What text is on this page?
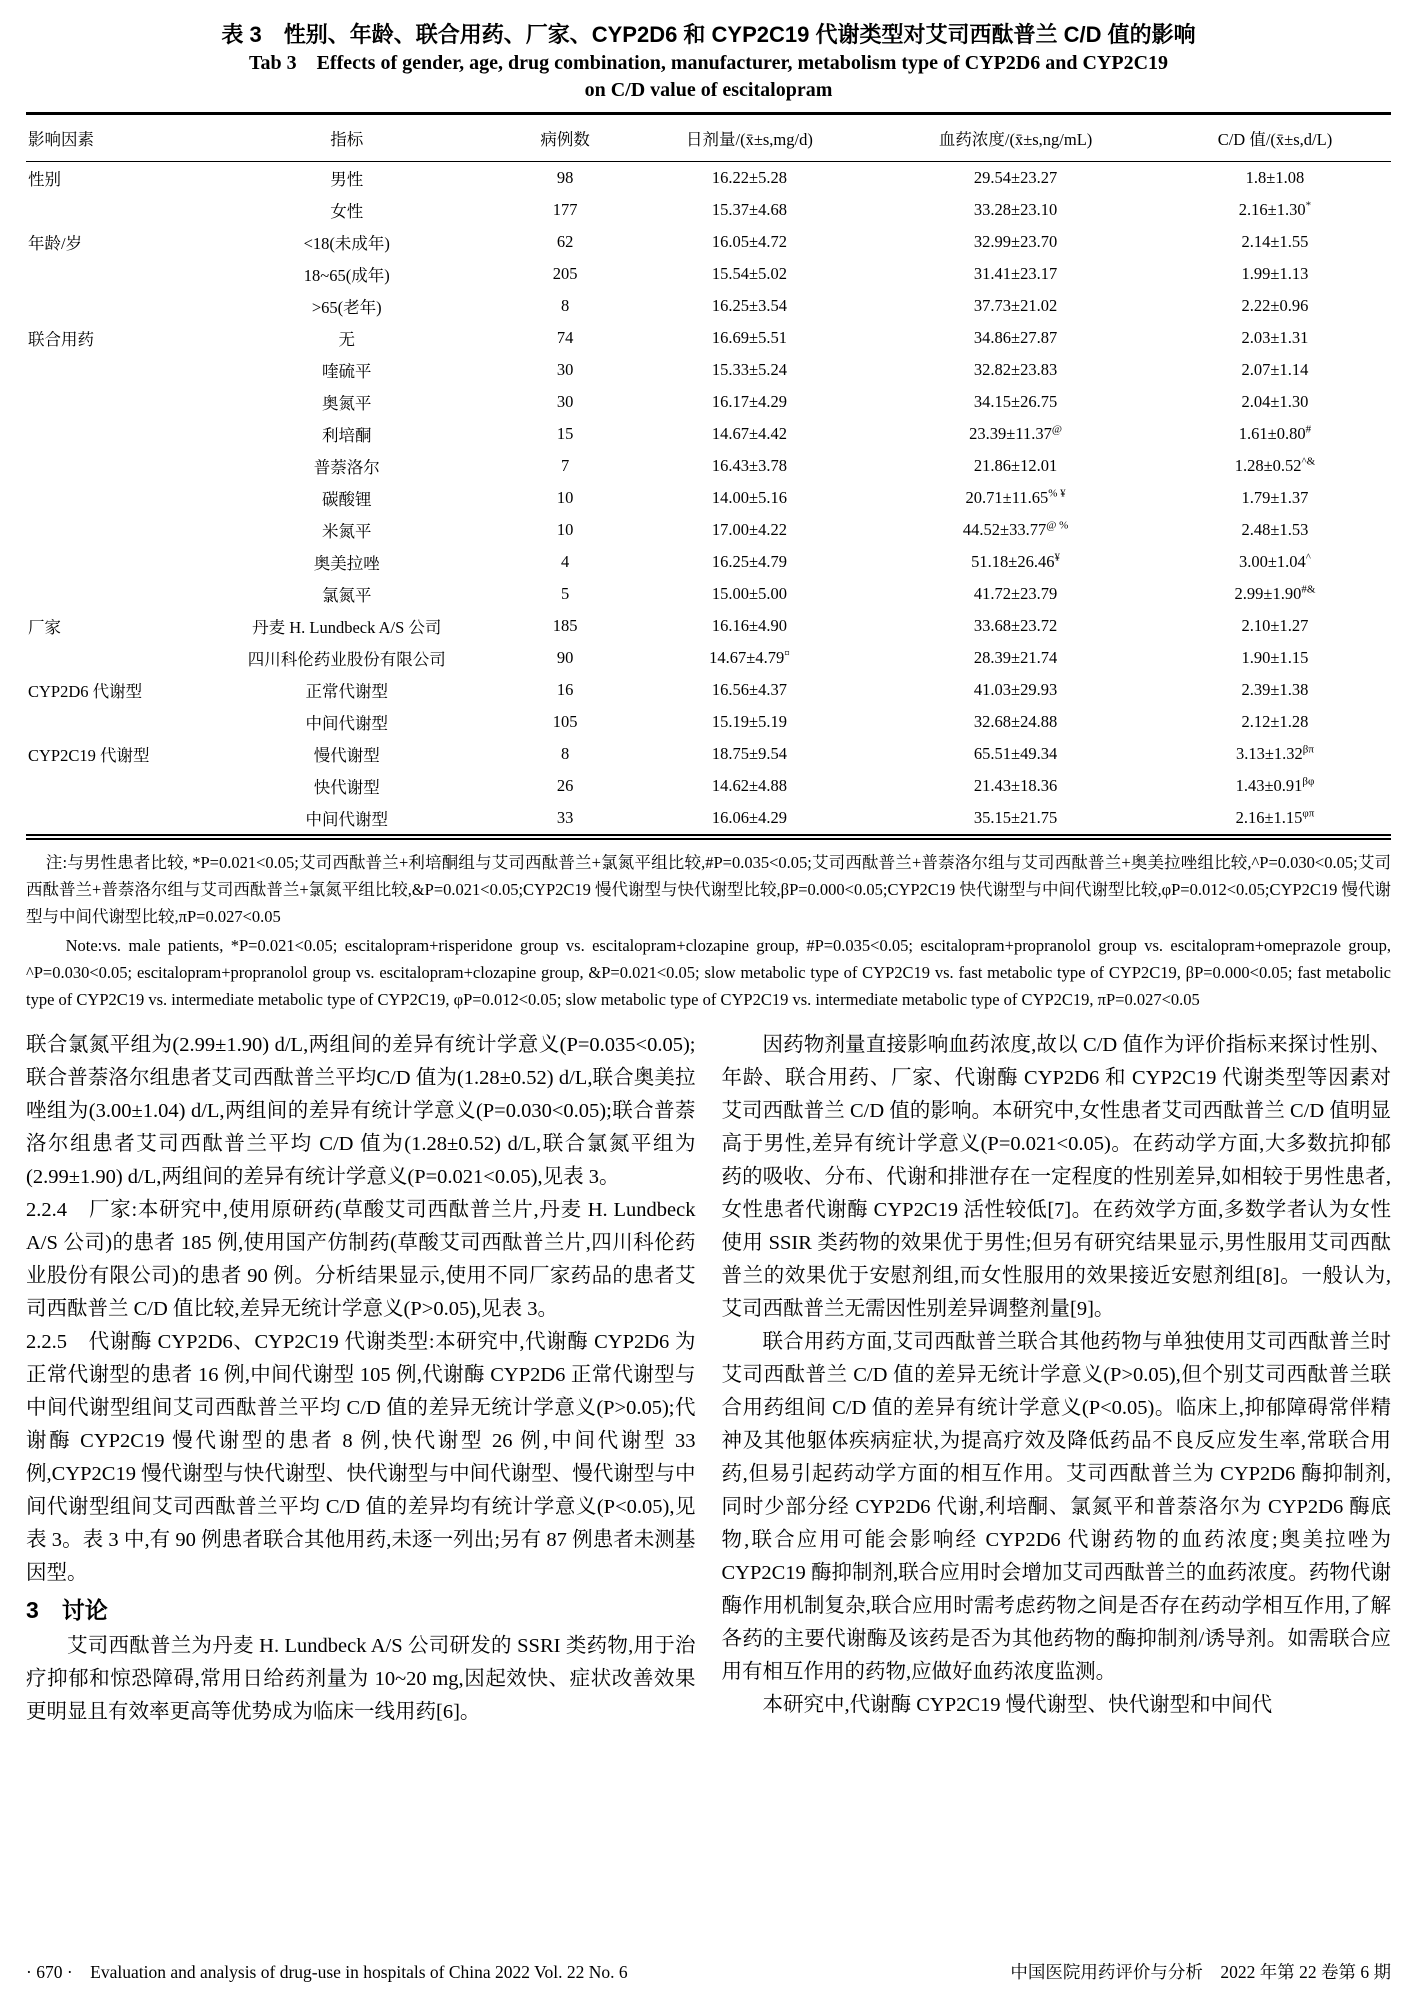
表 3　性别、年龄、联合用药、厂家、CYP2D6 和 CYP2C19 代谢类型对艾司西酞普兰 C/D 值的影响
Tab 3　Effects of gender, age, drug combination, manufacturer, metabolism type of CYP2D6 and CYP2C19
on C/D value of escitalopram
影响因素	指标	病例数	日剂量/(x̄±s,mg/d)	血药浓度/(x̄±s,ng/mL)	C/D 值/(x̄±s,d/L)
性别	男性	98	16.22±5.28	29.54±23.27	1.8±1.08
	女性	177	15.37±4.68	33.28±23.10	2.16±1.30*
年龄/岁	<18(未成年)	62	16.05±4.72	32.99±23.70	2.14±1.55
	18~65(成年)	205	15.54±5.02	31.41±23.17	1.99±1.13
	>65(老年)	8	16.25±3.54	37.73±21.02	2.22±0.96
联合用药	无	74	16.69±5.51	34.86±27.87	2.03±1.31
	喹硫平	30	15.33±5.24	32.82±23.83	2.07±1.14
	奥氮平	30	16.17±4.29	34.15±26.75	2.04±1.30
	利培酮	15	14.67±4.42	23.39±11.37@	1.61±0.80#
	普萘洛尔	7	16.43±3.78	21.86±12.01	1.28±0.52^&
	碳酸锂	10	14.00±5.16	20.71±11.65% ¥	1.79±1.37
	米氮平	10	17.00±4.22	44.52±33.77@ %	2.48±1.53
	奥美拉唑	4	16.25±4.79	51.18±26.46¥	3.00±1.04^
	氯氮平	5	15.00±5.00	41.72±23.79	2.99±1.90#&
厂家	丹麦 H. Lundbeck A/S 公司	185	16.16±4.90	33.68±23.72	2.10±1.27
	四川科伦药业股份有限公司	90	14.67±4.79¤	28.39±21.74	1.90±1.15
CYP2D6 代谢型	正常代谢型	16	16.56±4.37	41.03±29.93	2.39±1.38
	中间代谢型	105	15.19±5.19	32.68±24.88	2.12±1.28
CYP2C19 代谢型	慢代谢型	8	18.75±9.54	65.51±49.34	$3.13\pm 1.32^{\beta\pi}$
	快代谢型	26	14.62±4.88	21.43±18.36	$1.43\pm 0.91^{\beta\varphi}$
	中间代谢型	33	16.06±4.29	35.15±21.75	$2.16\pm 1.15^{\varphi\pi}$

注:与男性患者比较, *P=0.021<0.05;艾司西酞普兰+利培酮组与艾司西酞普兰+氯氮平组比较,#P=0.035<0.05;艾司西酞普兰+普萘洛尔组与艾司西酞普兰+奥美拉唑组比较,^P=0.030<0.05;艾司西酞普兰+普萘洛尔组与艾司西酞普兰+氯氮平组比较,&P=0.021<0.05;CYP2C19 慢代谢型与快代谢型比较,βP=0.000<0.05;CYP2C19 快代谢型与中间代谢型比较,φP=0.012<0.05;CYP2C19 慢代谢型与中间代谢型比较,πP=0.027<0.05

Note:vs. male patients, *P=0.021<0.05; escitalopram+risperidone group vs. escitalopram+clozapine group, #P=0.035<0.05; escitalopram+propranolol group vs. escitalopram+omeprazole group, ^P=0.030<0.05; escitalopram+propranolol group vs. escitalopram+clozapine group, &P=0.021<0.05; slow metabolic type of CYP2C19 vs. fast metabolic type of CYP2C19, βP=0.000<0.05; fast metabolic type of CYP2C19 vs. intermediate metabolic type of CYP2C19, φP=0.012<0.05; slow metabolic type of CYP2C19 vs. intermediate metabolic type of CYP2C19, πP=0.027<0.05

联合氯氮平组为(2.99±1.90) d/L,两组间的差异有统计学意义(P=0.035<0.05);联合普萘洛尔组患者艾司西酞普兰平均C/D 值为(1.28±0.52) d/L,联合奥美拉唑组为(3.00±1.04) d/L,两组间的差异有统计学意义(P=0.030<0.05);联合普萘洛尔组患者艾司西酞普兰平均 C/D 值为(1.28±0.52) d/L,联合氯氮平组为(2.99±1.90) d/L,两组间的差异有统计学意义(P=0.021<0.05),见表 3。

2.2.4　厂家:本研究中,使用原研药(草酸艾司西酞普兰片,丹麦 H. Lundbeck A/S 公司)的患者 185 例,使用国产仿制药(草酸艾司西酞普兰片,四川科伦药业股份有限公司)的患者 90 例。分析结果显示,使用不同厂家药品的患者艾司西酞普兰 C/D 值比较,差异无统计学意义(P>0.05),见表 3。

2.2.5　代谢酶 CYP2D6、CYP2C19 代谢类型:本研究中,代谢酶 CYP2D6 为正常代谢型的患者 16 例,中间代谢型 105 例,代谢酶 CYP2D6 正常代谢型与中间代谢型组间艾司西酞普兰平均 C/D 值的差异无统计学意义(P>0.05);代谢酶 CYP2C19 慢代谢型的患者 8 例,快代谢型 26 例,中间代谢型 33 例,CYP2C19 慢代谢型与快代谢型、快代谢型与中间代谢型、慢代谢型与中间代谢型组间艾司西酞普兰平均 C/D 值的差异均有统计学意义(P<0.05),见表 3。表 3 中,有 90 例患者联合其他用药,未逐一列出;另有 87 例患者未测基因型。

3　讨论

艾司西酞普兰为丹麦 H. Lundbeck A/S 公司研发的 SSRI 类药物,用于治疗抑郁和惊恐障碍,常用日给药剂量为 10~20 mg,因起效快、症状改善效果更明显且有效率更高等优势成为临床一线用药[6]。

因药物剂量直接影响血药浓度,故以 C/D 值作为评价指标来探讨性别、年龄、联合用药、厂家、代谢酶 CYP2D6 和 CYP2C19 代谢类型等因素对艾司西酞普兰 C/D 值的影响。本研究中,女性患者艾司西酞普兰 C/D 值明显高于男性,差异有统计学意义(P=0.021<0.05)。在药动学方面,大多数抗抑郁药的吸收、分布、代谢和排泄存在一定程度的性别差异,如相较于男性患者,女性患者代谢酶 CYP2C19 活性较低[7]。在药效学方面,多数学者认为女性使用 SSIR 类药物的效果优于男性;但另有研究结果显示,男性服用艾司西酞普兰的效果优于安慰剂组,而女性服用的效果接近安慰剂组[8]。一般认为,艾司西酞普兰无需因性别差异调整剂量[9]。

联合用药方面,艾司西酞普兰联合其他药物与单独使用艾司西酞普兰时艾司西酞普兰 C/D 值的差异无统计学意义(P>0.05),但个别艾司西酞普兰联合用药组间 C/D 值的差异有统计学意义(P<0.05)。临床上,抑郁障碍常伴精神及其他躯体疾病症状,为提高疗效及降低药品不良反应发生率,常联合用药,但易引起药动学方面的相互作用。艾司西酞普兰为 CYP2D6 酶抑制剂,同时少部分经 CYP2D6 代谢,利培酮、氯氮平和普萘洛尔为 CYP2D6 酶底物,联合应用可能会影响经 CYP2D6 代谢药物的血药浓度;奥美拉唑为 CYP2C19 酶抑制剂,联合应用时会增加艾司西酞普兰的血药浓度。药物代谢酶作用机制复杂,联合应用时需考虑药物之间是否存在药动学相互作用,了解各药的主要代谢酶及该药是否为其他药物的酶抑制剂/诱导剂。如需联合应用有相互作用的药物,应做好血药浓度监测。

本研究中,代谢酶 CYP2C19 慢代谢型、快代谢型和中间代

· 670 ·　Evaluation and analysis of drug-use in hospitals of China 2022 Vol. 22 No. 6	中国医院用药评价与分析　2022 年第 22 卷第 6 期
